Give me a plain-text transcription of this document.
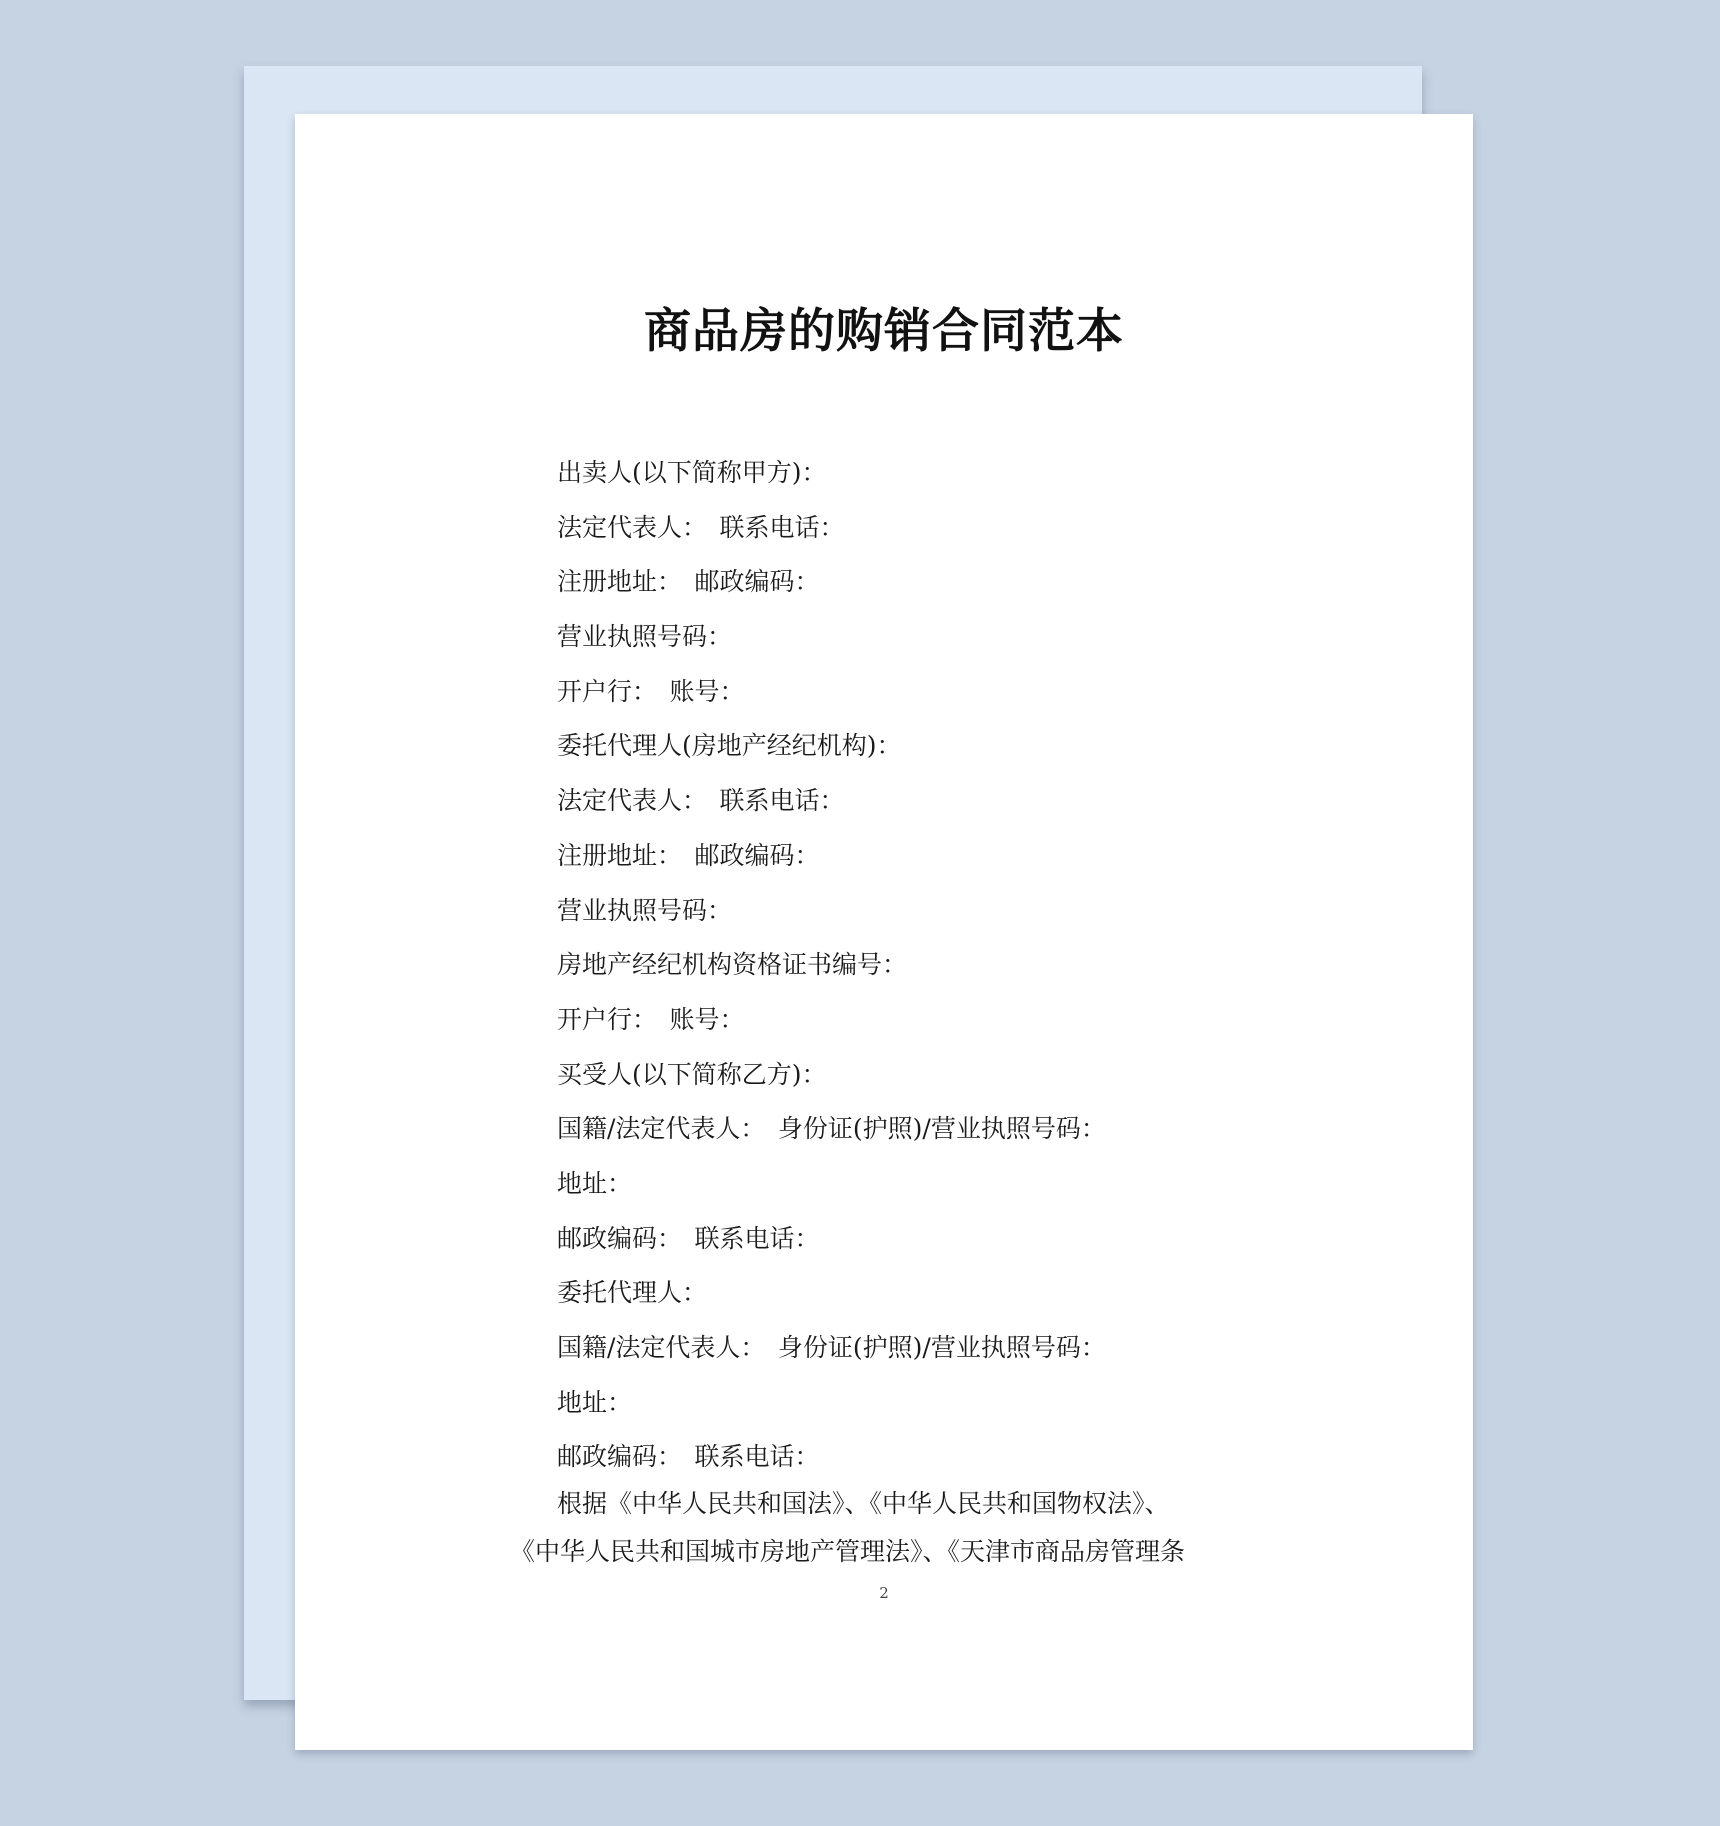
商品房的购销合同范本
出卖人(以下简称甲方)：
法定代表人：　联系电话：
注册地址：　邮政编码：
营业执照号码：
开户行：　账号：
委托代理人(房地产经纪机构)：
法定代表人：　联系电话：
注册地址：　邮政编码：
营业执照号码：
房地产经纪机构资格证书编号：
开户行：　账号：
买受人(以下简称乙方)：
国籍/法定代表人：　身份证(护照)/营业执照号码：
地址：
邮政编码：　联系电话：
委托代理人：
国籍/法定代表人：　身份证(护照)/营业执照号码：
地址：
邮政编码：　联系电话：
根据《中华人民共和国法》、《中华人民共和国物权法》、
《中华人民共和国城市房地产管理法》、《天津市商品房管理条
2
